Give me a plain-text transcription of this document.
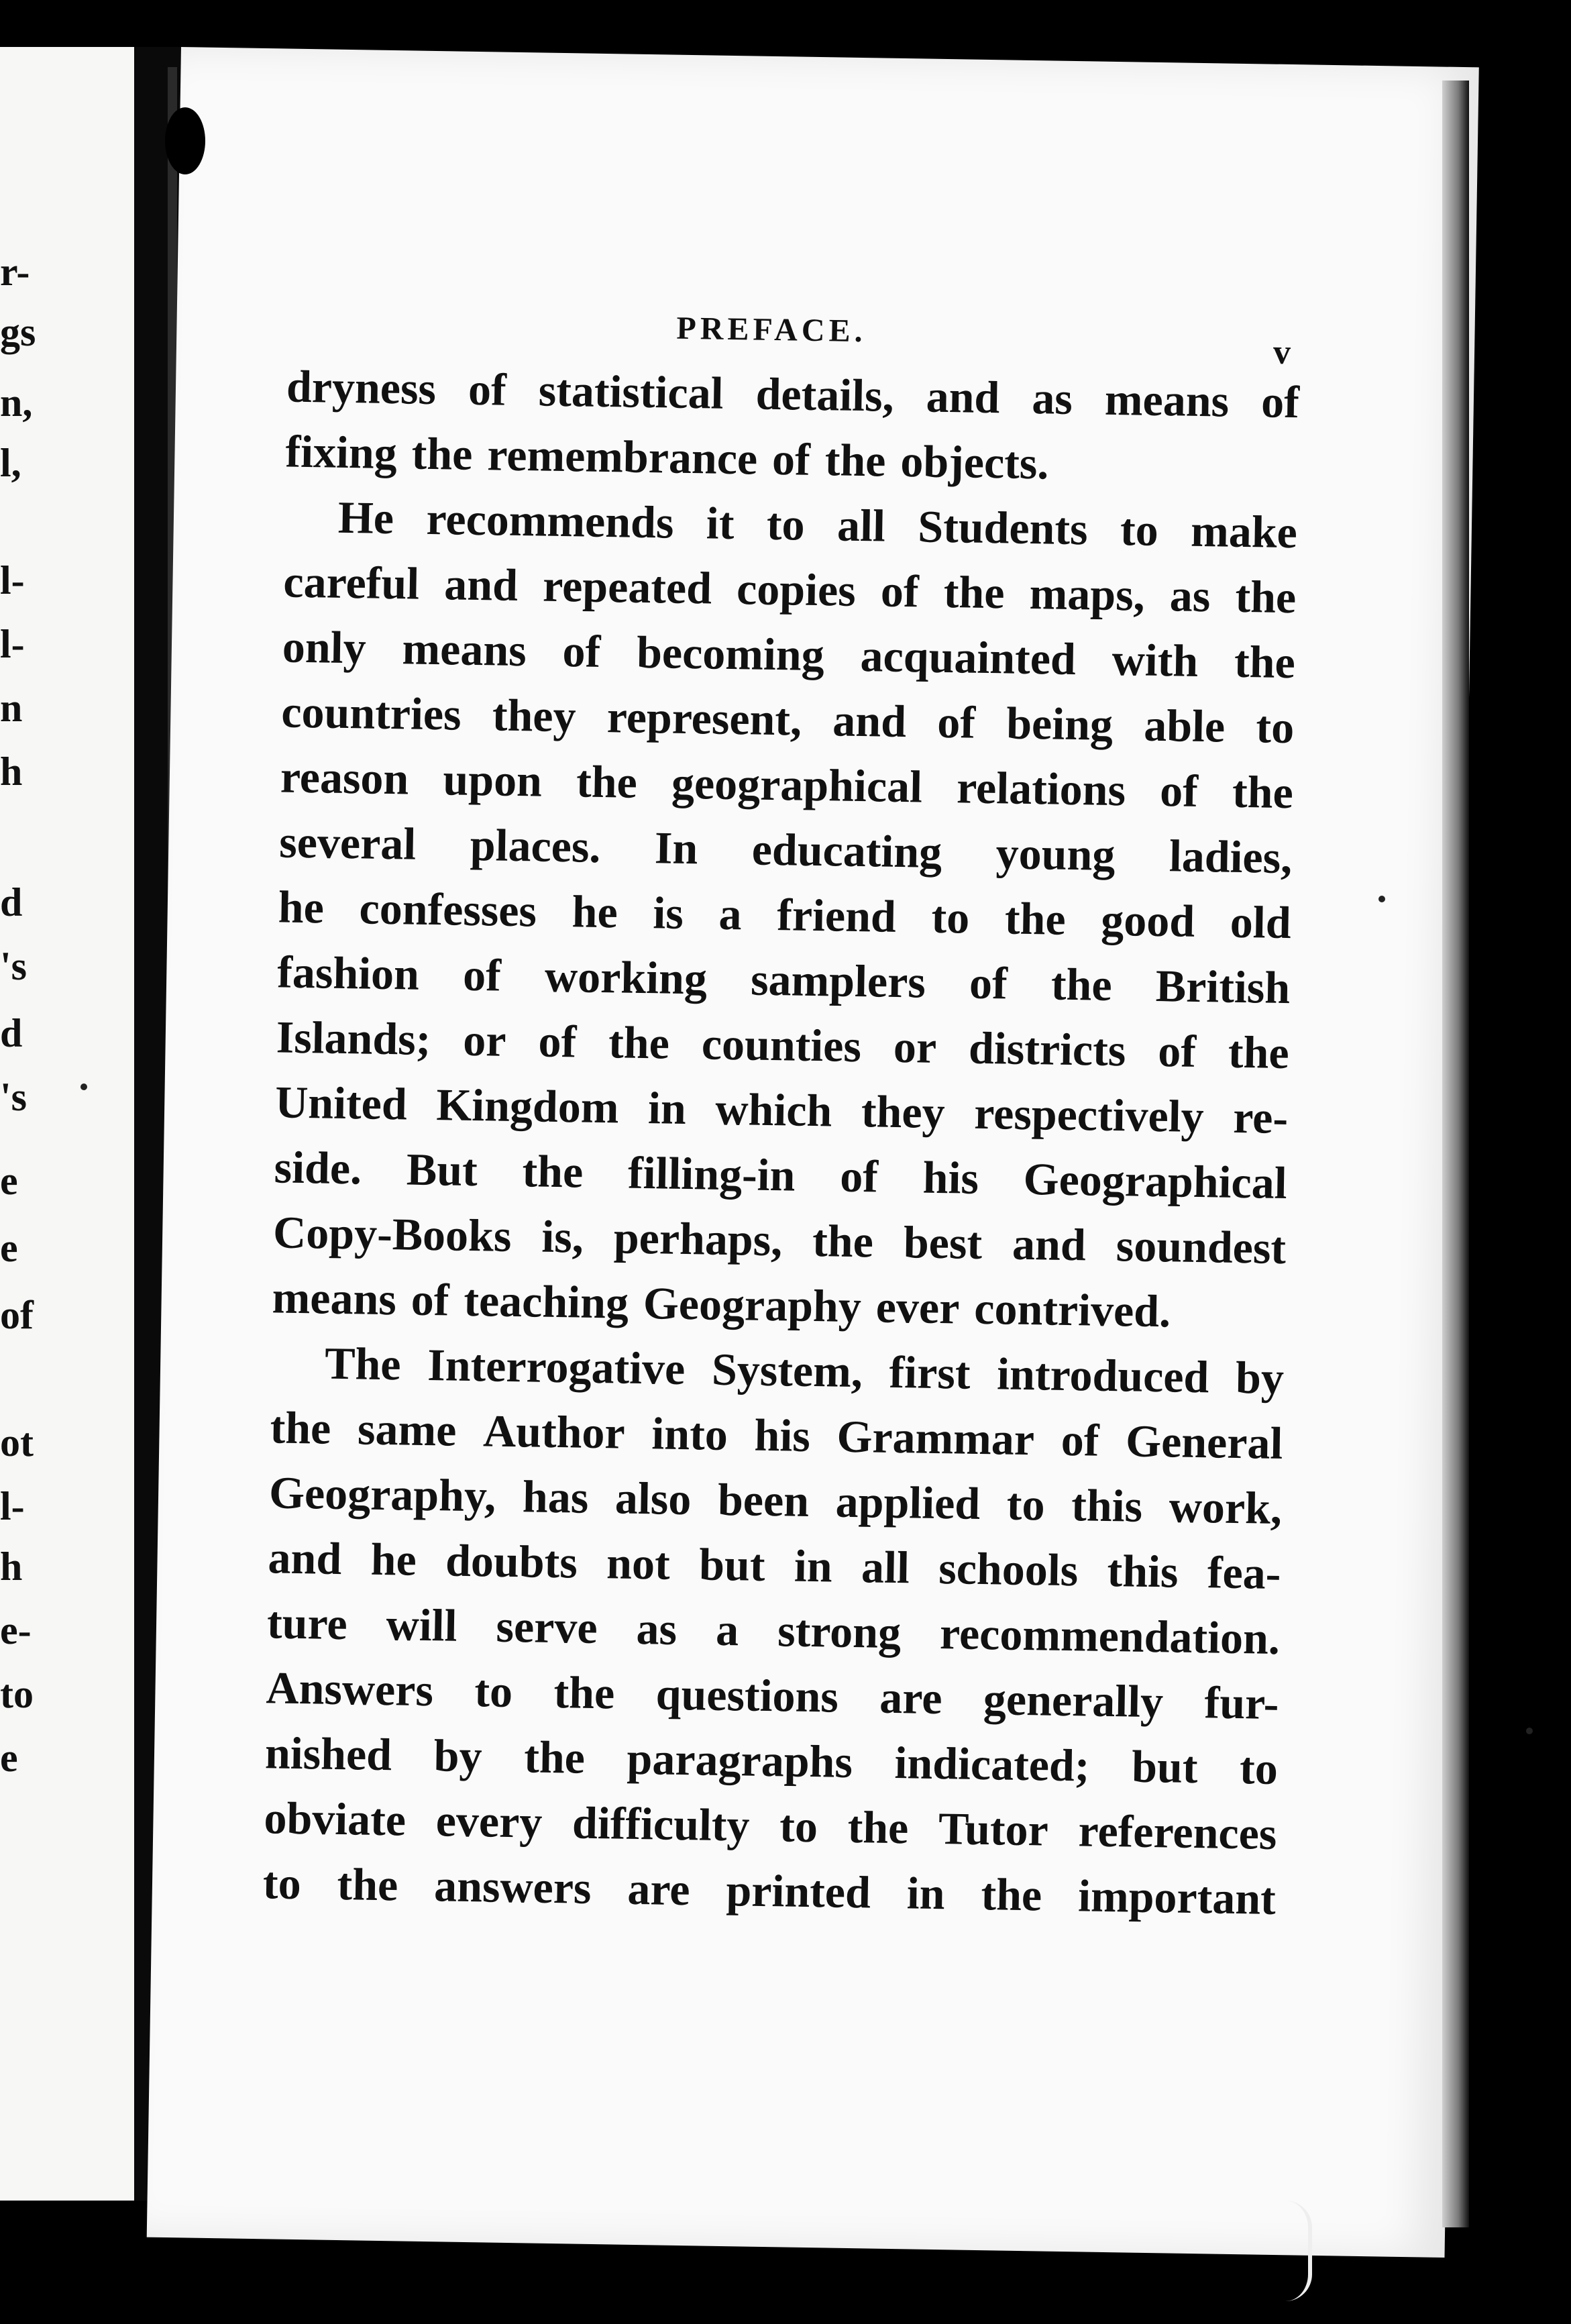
r-
gs
n,
l,
l-
l-
n
h
d
's
d
's
e
e
of
ot
l-
h
e-
to
e
PREFACE.
v
dryness of statistical details, and as means of
fixing the remembrance of the objects.
He recommends it to all Students to make
careful and repeated copies of the maps, as the
only means of becoming acquainted with the
countries they represent, and of being able to
reason upon the geographical relations of the
several places. In educating young ladies,
he confesses he is a friend to the good old
fashion of working samplers of the British
Islands; or of the counties or districts of the
United Kingdom in which they respectively re-
side. But the filling-in of his Geographical
Copy-Books is, perhaps, the best and soundest
means of teaching Geography ever contrived.
The Interrogative System, first introduced by
the same Author into his Grammar of General
Geography, has also been applied to this work,
and he doubts not but in all schools this fea-
ture will serve as a strong recommendation.
Answers to the questions are generally fur-
nished by the paragraphs indicated; but to
obviate every difficulty to the Tutor references
to the answers are printed in the important
